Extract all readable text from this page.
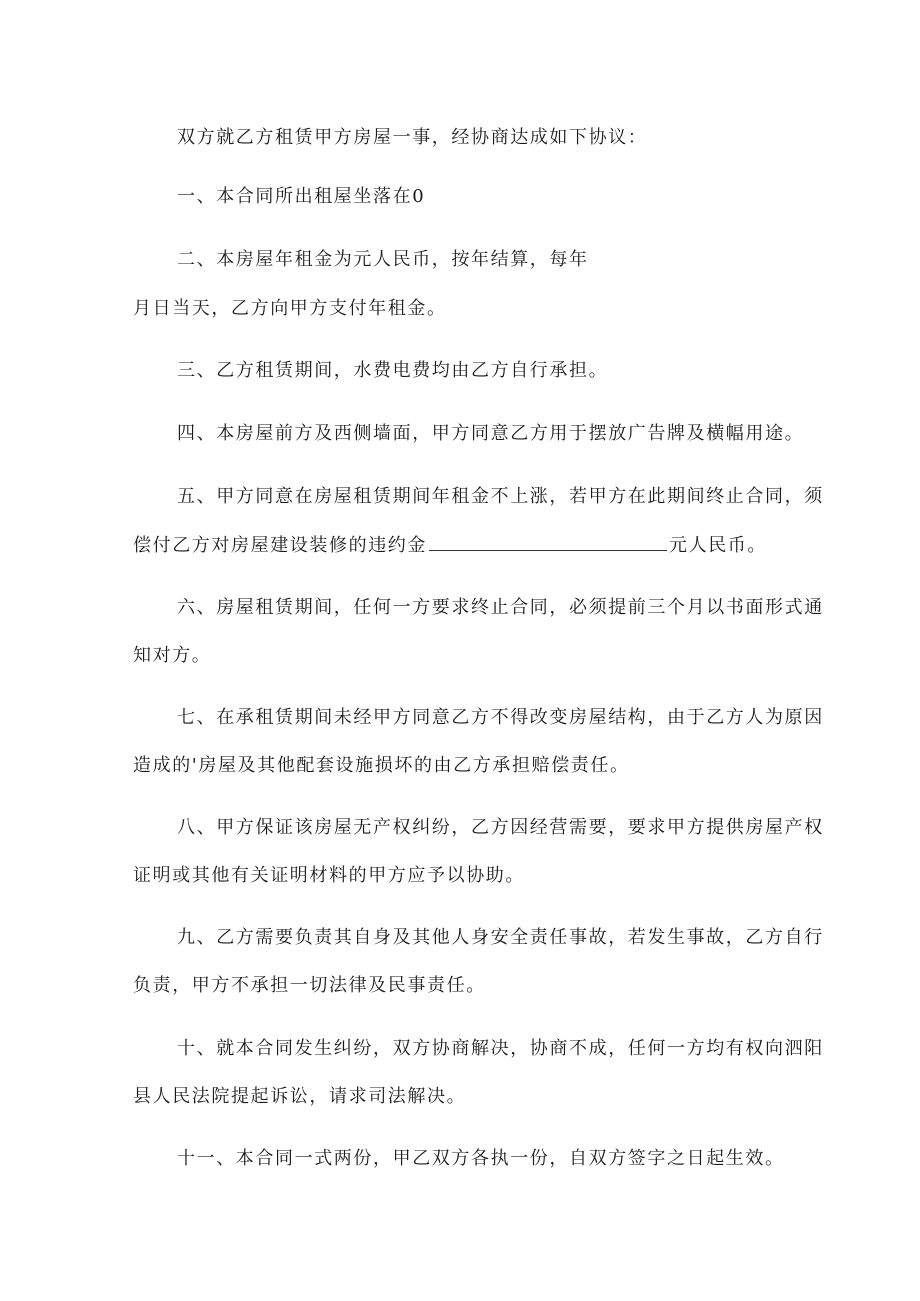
双方就乙方租赁甲方房屋一事，经协商达成如下协议：
一、本合同所出租屋坐落在0
二、本房屋年租金为元人民币，按年结算，每年
月日当天，乙方向甲方支付年租金。
三、乙方租赁期间，水费电费均由乙方自行承担。
四、本房屋前方及西侧墙面，甲方同意乙方用于摆放广告牌及横幅用途。
五、甲方同意在房屋租赁期间年租金不上涨，若甲方在此期间终止合同，须
偿付乙方对房屋建设装修的违约金	元人民币。
六、房屋租赁期间，任何一方要求终止合同，必须提前三个月以书面形式通
知对方。
七、在承租赁期间未经甲方同意乙方不得改变房屋结构，由于乙方人为原因
造成的'房屋及其他配套设施损坏的由乙方承担赔偿责任。
八、甲方保证该房屋无产权纠纷，乙方因经营需要，要求甲方提供房屋产权
证明或其他有关证明材料的甲方应予以协助。
九、乙方需要负责其自身及其他人身安全责任事故，若发生事故，乙方自行
负责，甲方不承担一切法律及民事责任。
十、就本合同发生纠纷，双方协商解决，协商不成，任何一方均有权向泗阳
县人民法院提起诉讼，请求司法解决。
十一、本合同一式两份，甲乙双方各执一份，自双方签字之日起生效。
